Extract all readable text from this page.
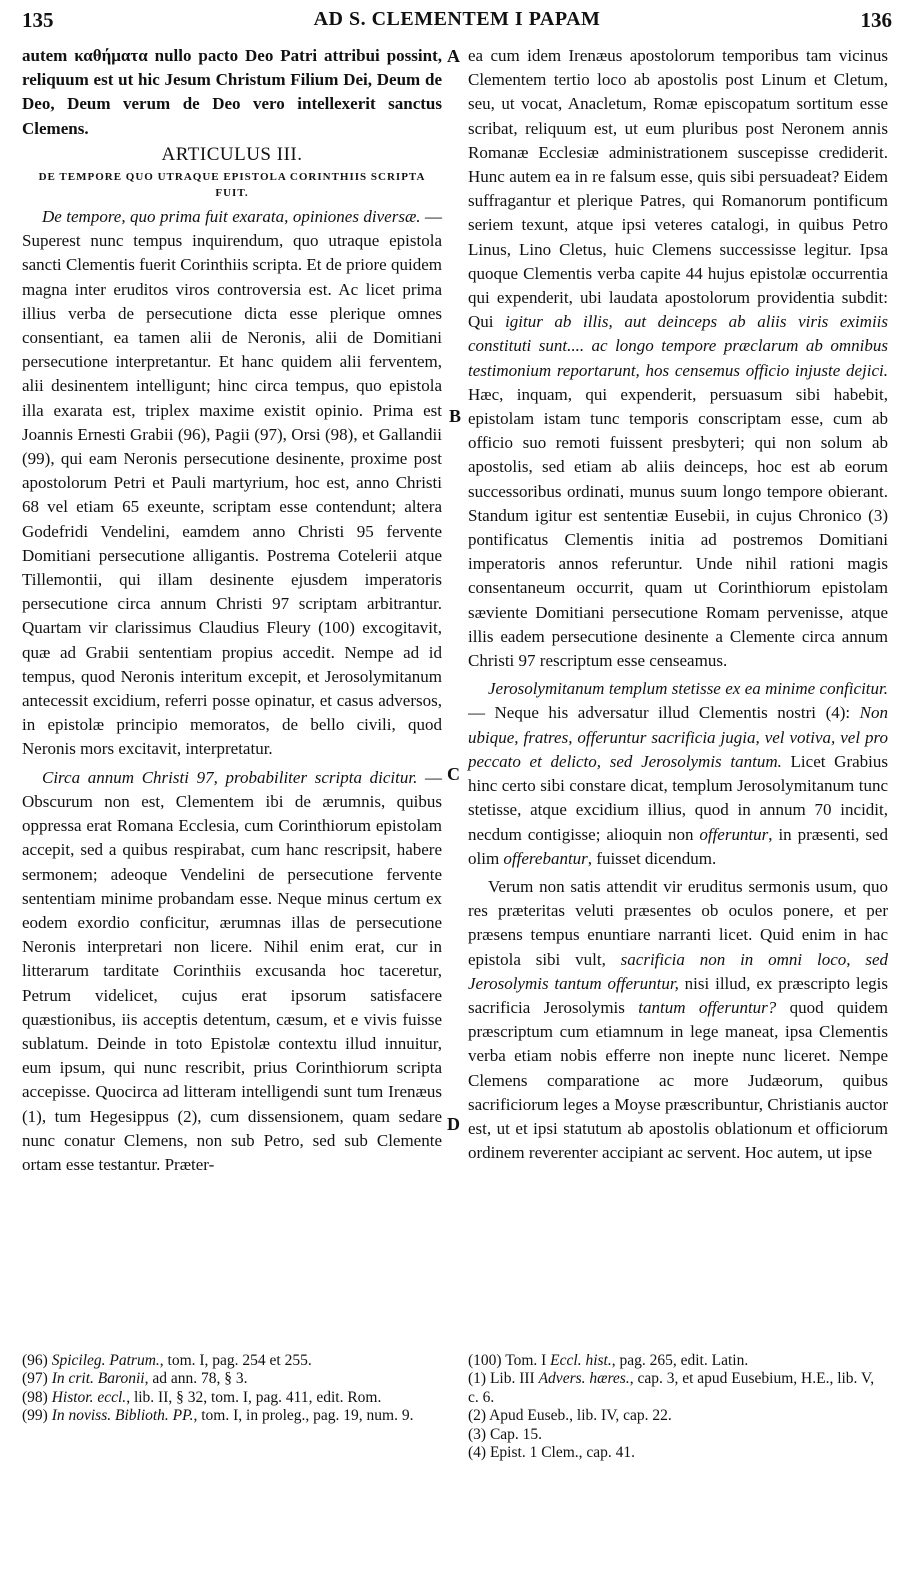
135	AD S. CLEMENTEM I PAPAM	136
A
B
C
D

autem καθήματα nullo pacto Deo Patri attribui possint, reliquum est ut hic Jesum Christum Filium Dei, Deum de Deo, Deum verum de Deo vero intellexerit sanctus Clemens.

ARTICULUS III.
DE TEMPORE QUO UTRAQUE EPISTOLA CORINTHIIS SCRIPTA FUIT.

De tempore, quo prima fuit exarata, opiniones diversæ. — Superest nunc tempus inquirendum, quo utraque epistola sancti Clementis fuerit Corinthiis scripta. Et de priore quidem magna inter eruditos viros controversia est. Ac licet prima illius verba de persecutione dicta esse plerique omnes consentiant, ea tamen alii de Neronis, alii de Domitiani persecutione interpretantur. Et hanc quidem alii ferventem, alii desinentem intelligunt; hinc circa tempus, quo epistola illa exarata est, triplex maxime existit opinio. Prima est Joannis Ernesti Grabii (96), Pagii (97), Orsi (98), et Gallandii (99), qui eam Neronis persecutione desinente, proxime post apostolorum Petri et Pauli martyrium, hoc est, anno Christi 68 vel etiam 65 exeunte, scriptam esse contendunt; altera Godefridi Vendelini, eamdem anno Christi 95 fervente Domitiani persecutione alligantis. Postrema Cotelerii atque Tillemontii, qui illam desinente ejusdem imperatoris persecutione circa annum Christi 97 scriptam arbitrantur. Quartam vir clarissimus Claudius Fleury (100) excogitavit, quæ ad Grabii sententiam propius accedit. Nempe ad id tempus, quod Neronis interitum excepit, et Jerosolymitanum antecessit excidium, referri posse opinatur, et casus adversos, in epistolæ principio memoratos, de bello civili, quod Neronis mors excitavit, interpretatur.

Circa annum Christi 97, probabiliter scripta dicitur. — Obscurum non est, Clementem ibi de ærumnis, quibus oppressa erat Romana Ecclesia, cum Corinthiorum epistolam accepit, sed a quibus respirabat, cum hanc rescripsit, habere sermonem; adeoque Vendelini de persecutione fervente sententiam minime probandam esse. Neque minus certum ex eodem exordio conficitur, ærumnas illas de persecutione Neronis interpretari non licere. Nihil enim erat, cur in litterarum tarditate Corinthiis excusanda hoc taceretur, Petrum videlicet, cujus erat ipsorum satisfacere quæstionibus, iis acceptis detentum, cæsum, et e vivis fuisse sublatum. Deinde in toto Epistolæ contextu illud innuitur, eum ipsum, qui nunc rescribit, prius Corinthiorum scripta accepisse. Quocirca ad litteram intelligendi sunt tum Irenæus (1), tum Hegesippus (2), cum dissensionem, quam sedare nunc conatur Clemens, non sub Petro, sed sub Clemente ortam esse testantur. Præter-

ea cum idem Irenæus apostolorum temporibus tam vicinus Clementem tertio loco ab apostolis post Linum et Cletum, seu, ut vocat, Anacletum, Romæ episcopatum sortitum esse scribat, reliquum est, ut eum pluribus post Neronem annis Romanæ Ecclesiæ administrationem suscepisse crediderit. Hunc autem ea in re falsum esse, quis sibi persuadeat? Eidem suffragantur et plerique Patres, qui Romanorum pontificum seriem texunt, atque ipsi veteres catalogi, in quibus Petro Linus, Lino Cletus, huic Clemens successisse legitur. Ipsa quoque Clementis verba capite 44 hujus epistolæ occurrentia qui expenderit, ubi laudata apostolorum providentia subdit: Qui igitur ab illis, aut deinceps ab aliis viris eximiis constituti sunt.... ac longo tempore præclarum ab omnibus testimonium reportarunt, hos censemus officio injuste dejici. Hæc, inquam, qui expenderit, persuasum sibi habebit, epistolam istam tunc temporis conscriptam esse, cum ab officio suo remoti fuissent presbyteri; qui non solum ab apostolis, sed etiam ab aliis deinceps, hoc est ab eorum successoribus ordinati, munus suum longo tempore obierant. Standum igitur est sententiæ Eusebii, in cujus Chronico (3) pontificatus Clementis initia ad postremos Domitiani imperatoris annos referuntur. Unde nihil rationi magis consentaneum occurrit, quam ut Corinthiorum epistolam sæviente Domitiani persecutione Romam pervenisse, atque illis eadem persecutione desinente a Clemente circa annum Christi 97 rescriptum esse censeamus.

Jerosolymitanum templum stetisse ex ea minime conficitur. — Neque his adversatur illud Clementis nostri (4): Non ubique, fratres, offeruntur sacrificia jugia, vel votiva, vel pro peccato et delicto, sed Jerosolymis tantum. Licet Grabius hinc certo sibi constare dicat, templum Jerosolymitanum tunc stetisse, atque excidium illius, quod in annum 70 incidit, necdum contigisse; alioquin non offeruntur, in præsenti, sed olim offerebantur, fuisset dicendum.

Verum non satis attendit vir eruditus sermonis usum, quo res præteritas veluti præsentes ob oculos ponere, et per præsens tempus enuntiare narranti licet. Quid enim in hac epistola sibi vult, sacrificia non in omni loco, sed Jerosolymis tantum offeruntur, nisi illud, ex præscripto legis sacrificia Jerosolymis tantum offeruntur? quod quidem præscriptum cum etiamnum in lege maneat, ipsa Clementis verba etiam nobis efferre non inepte nunc liceret. Nempe Clemens comparatione ac more Judæorum, quibus sacrificiorum leges a Moyse præscribuntur, Christianis auctor est, ut et ipsi statutum ab apostolis oblationum et officiorum ordinem reverenter accipiant ac servent. Hoc autem, ut ipse

(96) Spicileg. Patrum., tom. I, pag. 254 et 255.
(97) In crit. Baronii, ad ann. 78, § 3.
(98) Histor. eccl., lib. II, § 32, tom. I, pag. 411, edit. Rom.
(99) In noviss. Biblioth. PP., tom. I, in proleg., pag. 19, num. 9.
(100) Tom. I Eccl. hist., pag. 265, edit. Latin.
(1) Lib. III Advers. hæres., cap. 3, et apud Eusebium, H.E., lib. V, c. 6.
(2) Apud Euseb., lib. IV, cap. 22.
(3) Cap. 15.
(4) Epist. 1 Clem., cap. 41.
